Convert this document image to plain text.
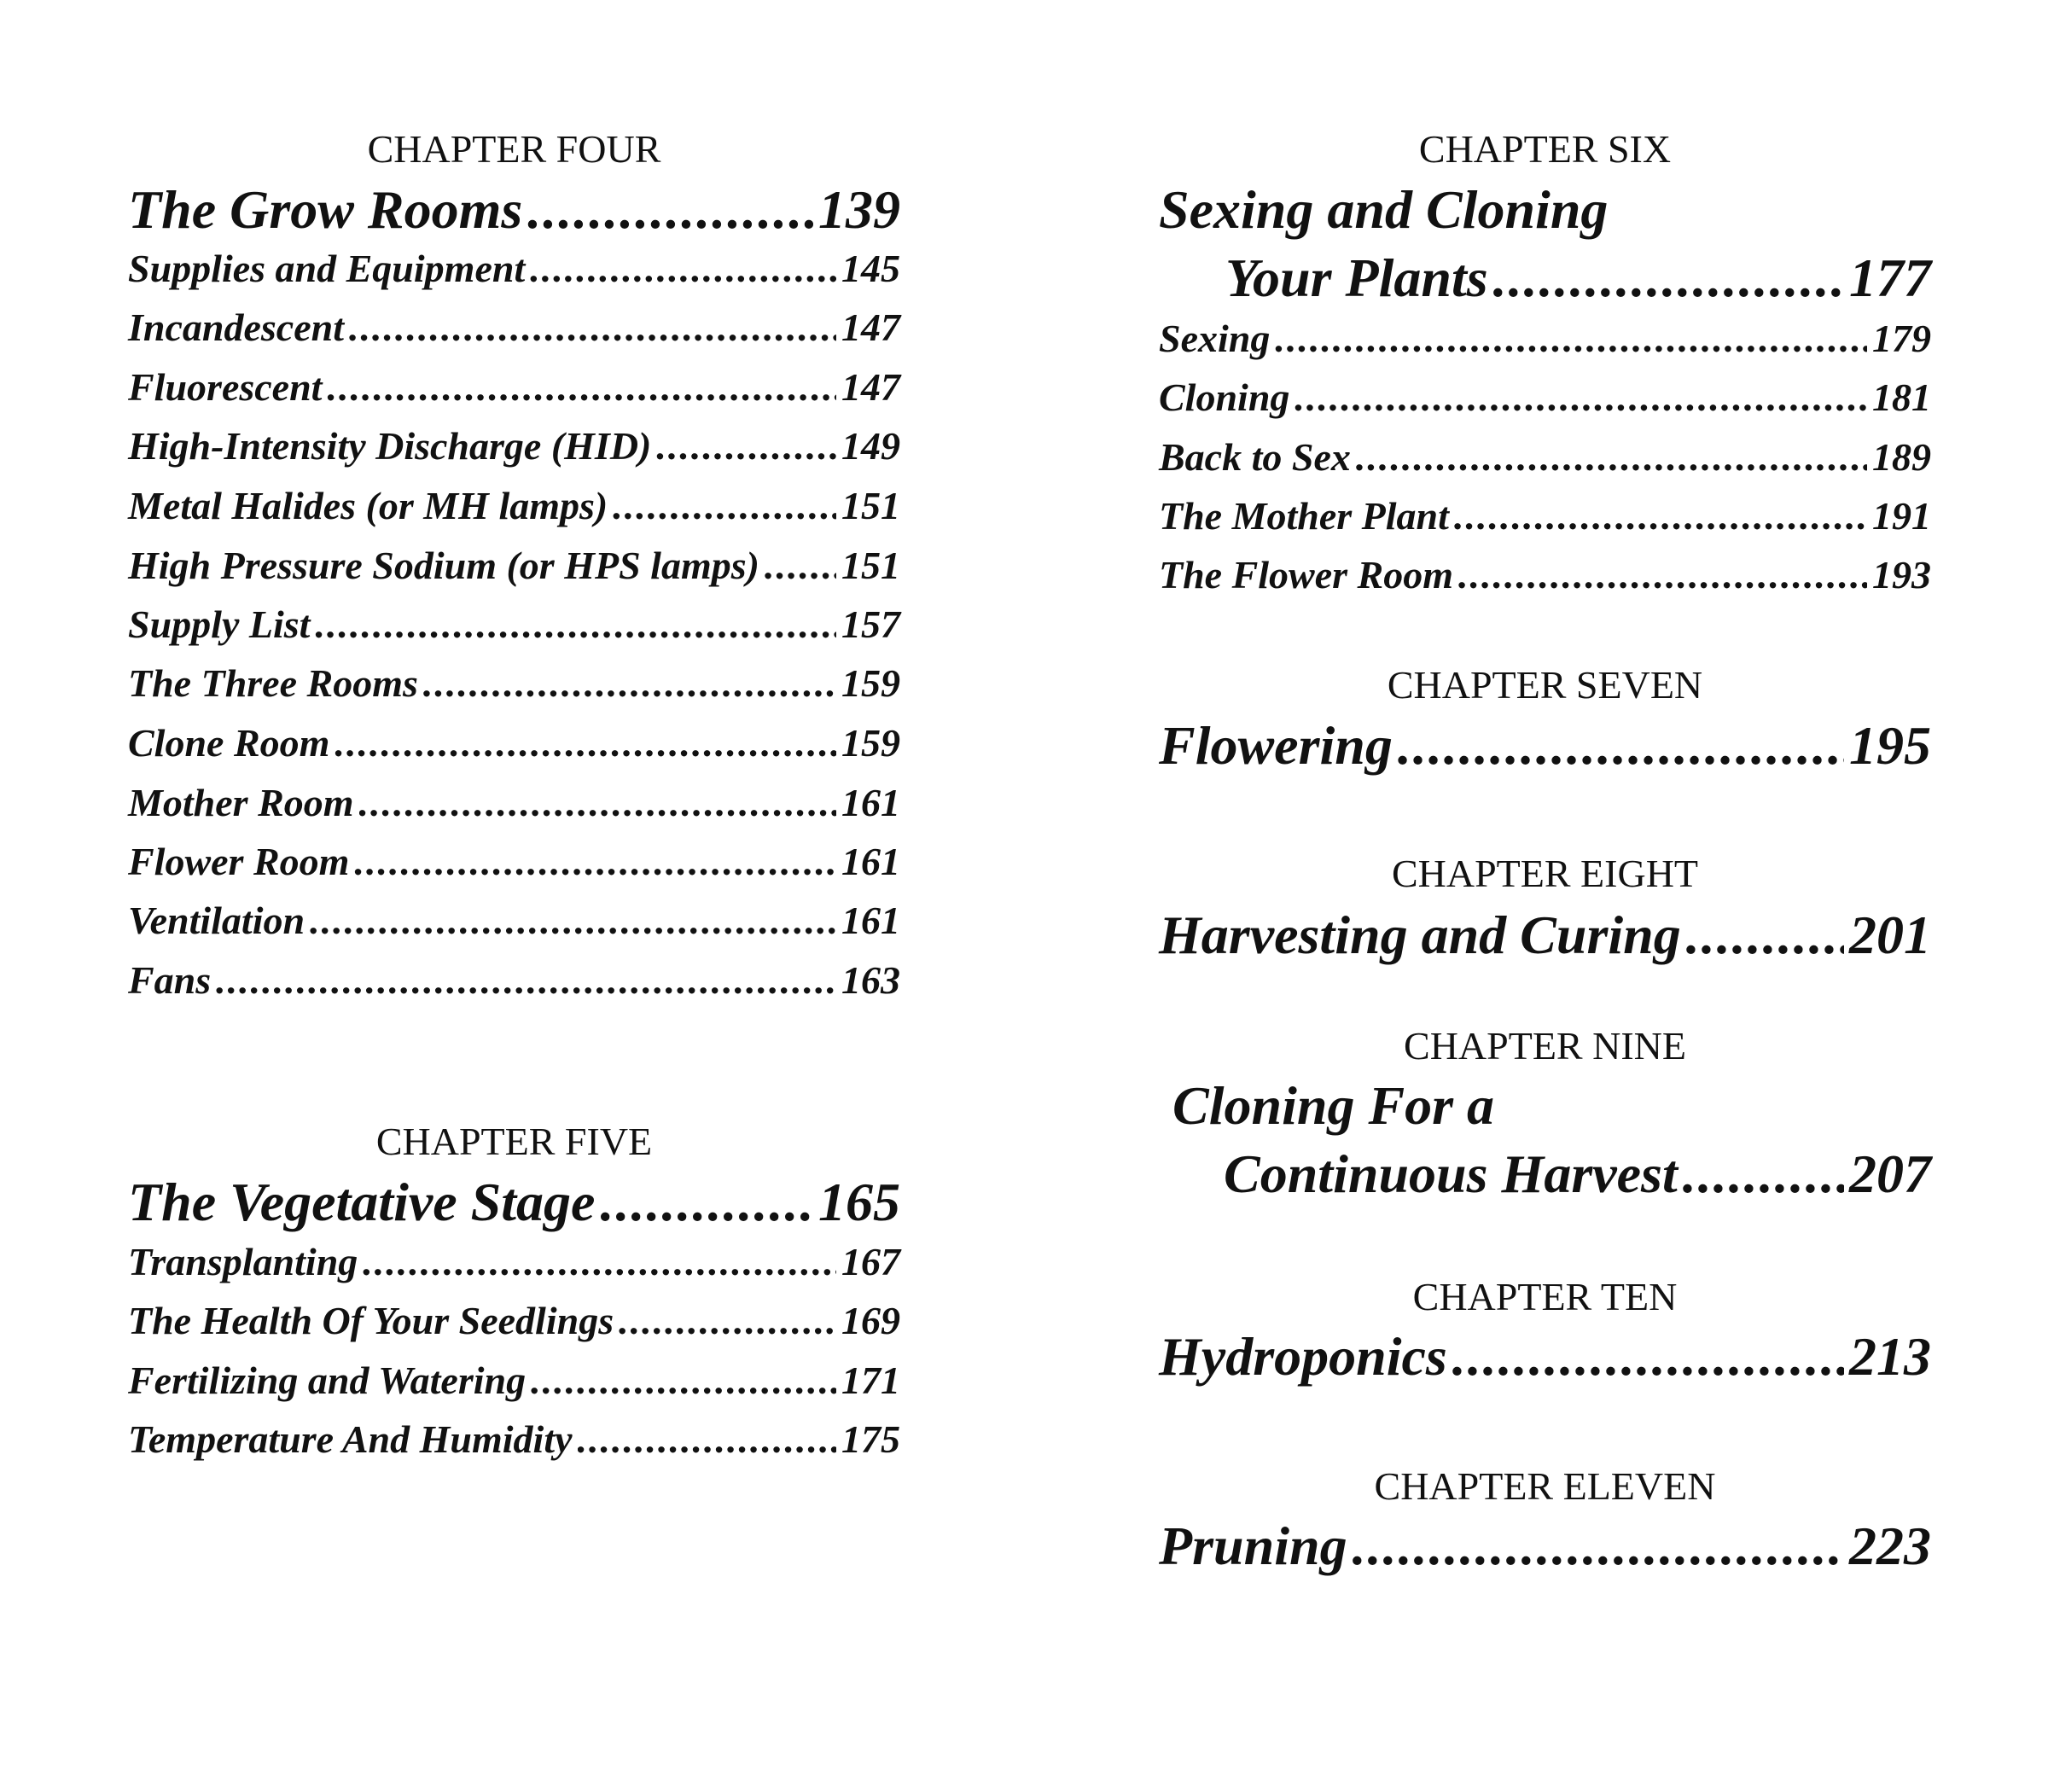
CHAPTER FOUR
The Grow Rooms .....	139
Supplies and Equipment .....	145
Incandescent .....	147
Fluorescent .....	147
High-Intensity Discharge (HID) .....	149
Metal Halides (or MH lamps) .....	151
High Pressure Sodium (or HPS lamps) ..... 151
Supply List .....	157
The Three Rooms .....	159
Clone Room .....	159
Mother Room .....	161
Flower Room .....	161
Ventilation .....	161
Fans .....	163
CHAPTER FIVE
The Vegetative Stage .....	165
Transplanting .....	167
The Health Of Your Seedlings .....	169
Fertilizing and Watering .....	171
Temperature And Humidity .....	175
CHAPTER SIX
Sexing and Cloning
Your Plants .....	177
Sexing .....	179
Cloning .....	181
Back to Sex .....	189
The Mother Plant .....	191
The Flower Room .....	193
CHAPTER SEVEN
Flowering .....	195
CHAPTER EIGHT
Harvesting and Curing .....	201
CHAPTER NINE
Cloning For a
Continuous Harvest .....	207
CHAPTER TEN
Hydroponics .....	213
CHAPTER ELEVEN
Pruning .....	223
